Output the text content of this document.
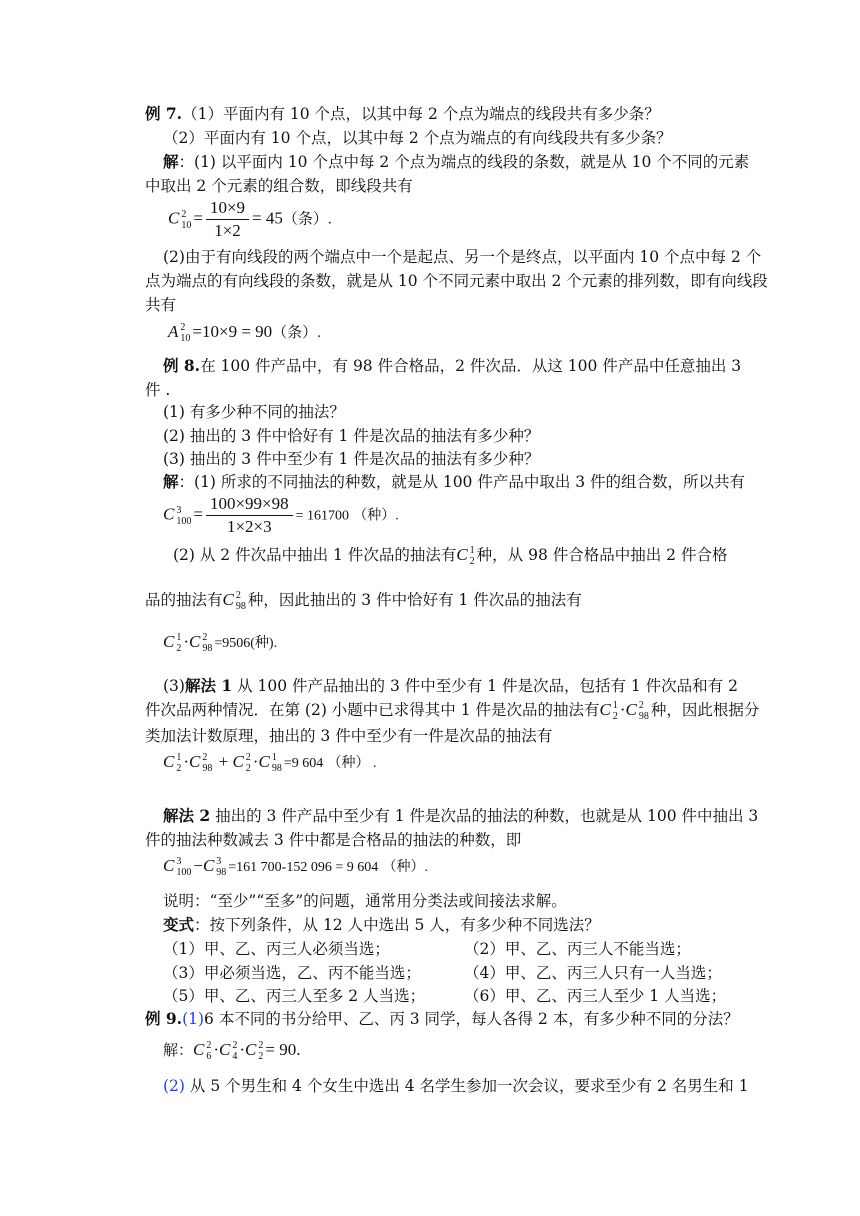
例 7.（1）平面内有 10 个点，以其中每 2 个点为端点的线段共有多少条？
（2）平面内有 10 个点，以其中每 2 个点为端点的有向线段共有多少条？
解：(1) 以平面内 10 个点中每 2 个点为端点的线段的条数，就是从 10 个不同的元素
中取出 2 个元素的组合数，即线段共有
C 2
$10 = \frac{10\times 9}{1\times 2} = 45$（条）.
(2)由于有向线段的两个端点中一个是起点、另一个是终点，以平面内 10 个点中每 2 个
点为端点的有向线段的条数，就是从 10 个不同元素中取出 2 个元素的排列数，即有向线段
共有
A 2
10 =10×9 = 90（条）.
例 8.在 100 件产品中，有 98 件合格品，2 件次品．从这 100 件产品中任意抽出 3
件 .
(1) 有多少种不同的抽法？
(2) 抽出的 3 件中恰好有 1 件是次品的抽法有多少种？
(3) 抽出的 3 件中至少有 1 件是次品的抽法有多少种？
解：(1) 所求的不同抽法的种数，就是从 100 件产品中取出 3 件的组合数，所以共有
C 3
$100 = \frac{100\times 99\times 98}{1\times 2\times 3} = 161700$ （种）.
(2) 从 2 件次品中抽出 1 件次品的抽法有C 1
2 种，从 98 件合格品中抽出 2 件合格
品的抽法有C 2
98 种，因此抽出的 3 件中恰好有 1 件次品的抽法有
C 1
2 ·C 2
98 =9506(种).
(3)解法 1 从 100 件产品抽出的 3 件中至少有 1 件是次品，包括有 1 件次品和有 2
件次品两种情况．在第 (2) 小题中已求得其中 1 件是次品的抽法有C 1
2 ·C 2
98 种，因此根据分
类加法计数原理，抽出的 3 件中至少有一件是次品的抽法有
C 1
2 ·C 2
98 + C 2
2 ·C 1
98 =9 604 （种） .
解法 2 抽出的 3 件产品中至少有 1 件是次品的抽法的种数，也就是从 100 件中抽出 3
件的抽法种数减去 3 件中都是合格品的抽法的种数，即
C 3
100 −C 3
98 =161 700-152 096 = 9 604 （种）.
说明：“至少”“至多”的问题，通常用分类法或间接法求解。
变式：按下列条件，从 12 人中选出 5 人，有多少种不同选法？
（1）甲、乙、丙三人必须当选；	（2）甲、乙、丙三人不能当选；
（3）甲必须当选，乙、丙不能当选；	（4）甲、乙、丙三人只有一人当选；
（5）甲、乙、丙三人至多 2 人当选；	（6）甲、乙、丙三人至少 1 人当选；
例 9.(1)6 本不同的书分给甲、乙、丙 3 同学，每人各得 2 本，有多少种不同的分法？
解：C 2
6 ·C 2
4 ·C 2
2 = 90.
(2) 从 5 个男生和 4 个女生中选出 4 名学生参加一次会议，要求至少有 2 名男生和 1
